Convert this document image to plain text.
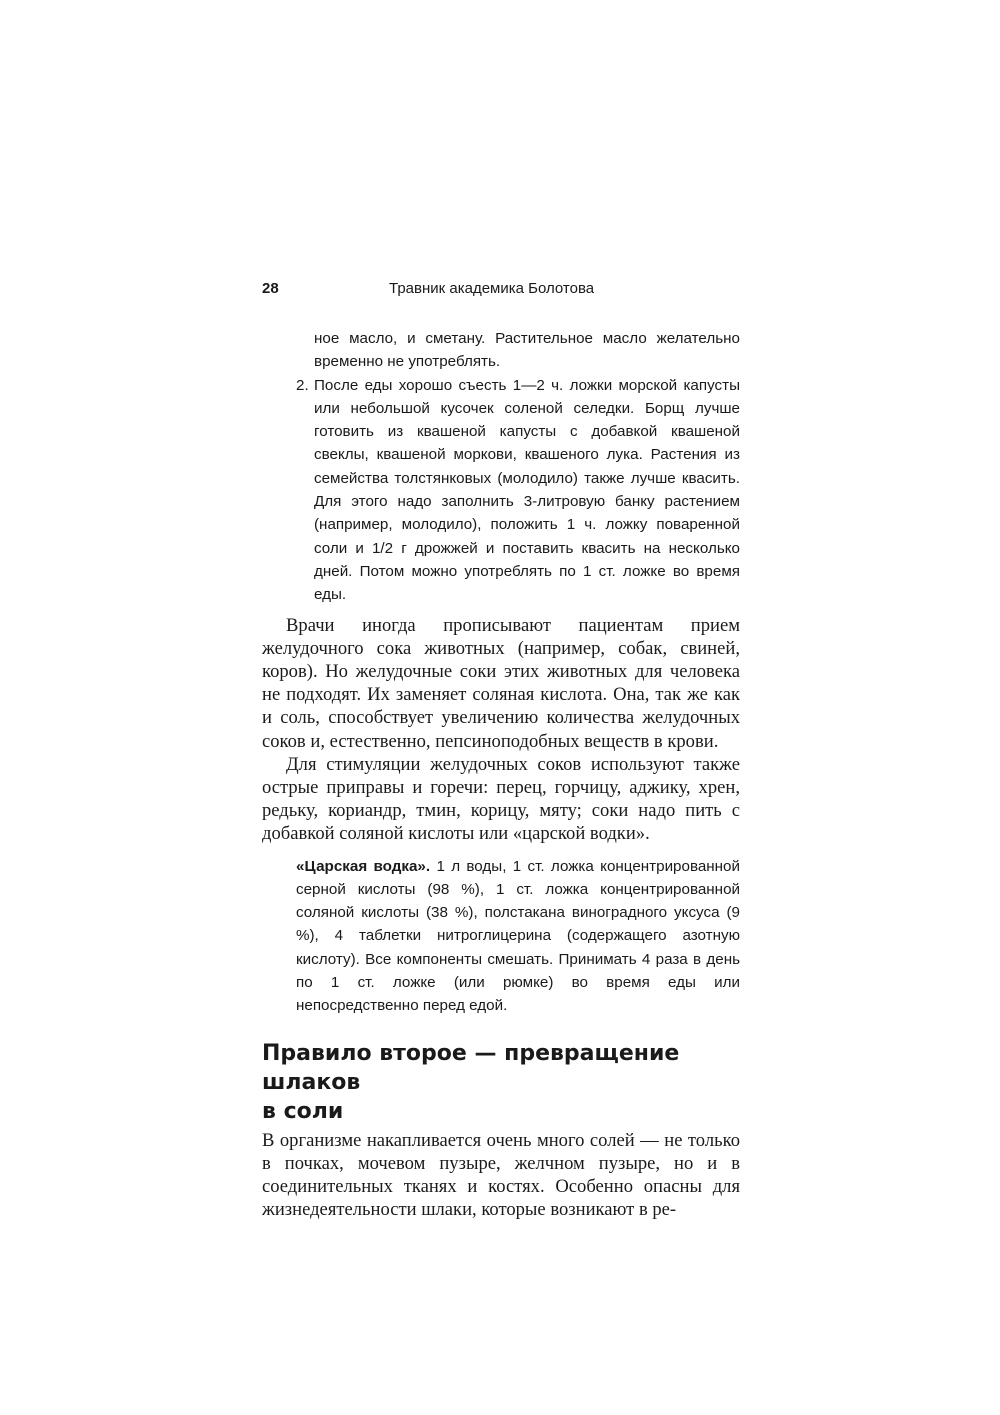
28	Травник академика Болотова
ное масло, и сметану. Растительное масло желательно временно не употреблять.
2. После еды хорошо съесть 1—2 ч. ложки морской капусты или небольшой кусочек соленой селедки. Борщ лучше готовить из квашеной капусты с добавкой квашеной свеклы, квашеной моркови, квашеного лука. Растения из семейства толстянковых (молодило) также лучше квасить. Для этого надо заполнить 3-литровую банку растением (например, молодило), положить 1 ч. ложку поваренной соли и 1/2 г дрожжей и поставить квасить на несколько дней. Потом можно употреблять по 1 ст. ложке во время еды.

Врачи иногда прописывают пациентам прием желудочного сока животных (например, собак, свиней, коров). Но желудочные соки этих животных для человека не подходят. Их заменяет соляная кислота. Она, так же как и соль, способствует увеличению количества желудочных соков и, естественно, пепсиноподобных веществ в крови.

Для стимуляции желудочных соков используют также острые приправы и горечи: перец, горчицу, аджику, хрен, редьку, кориандр, тмин, корицу, мяту; соки надо пить с добавкой соляной кислоты или «царской водки».

«Царская водка». 1 л воды, 1 ст. ложка концентрированной серной кислоты (98 %), 1 ст. ложка концентрированной соляной кислоты (38 %), полстакана виноградного уксуса (9 %), 4 таблетки нитроглицерина (содержащего азотную кислоту). Все компоненты смешать. Принимать 4 раза в день по 1 ст. ложке (или рюмке) во время еды или непосредственно перед едой.
Правило второе — превращение шлаков
в соли

В организме накапливается очень много солей — не только в почках, мочевом пузыре, желчном пузыре, но и в соединительных тканях и костях. Особенно опасны для жизнедеятельности шлаки, которые возникают в ре-
